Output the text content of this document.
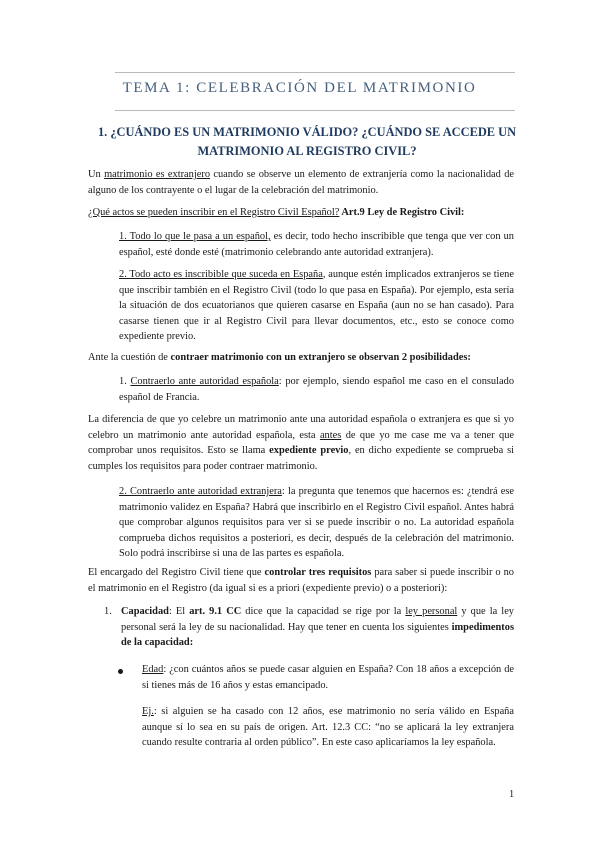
TEMA 1: CELEBRACIÓN DEL MATRIMONIO
1. ¿CUÁNDO ES UN MATRIMONIO VÁLIDO? ¿CUÁNDO SE ACCEDE UN MATRIMONIO AL REGISTRO CIVIL?
Un matrimonio es extranjero cuando se observe un elemento de extranjería como la nacionalidad de alguno de los contrayente o el lugar de la celebración del matrimonio.
¿Qué actos se pueden inscribir en el Registro Civil Español? Art.9 Ley de Registro Civil:
1. Todo lo que le pasa a un español, es decir, todo hecho inscribible que tenga que ver con un español, esté donde esté (matrimonio celebrando ante autoridad extranjera).
2. Todo acto es inscribible que suceda en España, aunque estén implicados extranjeros se tiene que inscribir también en el Registro Civil (todo lo que pasa en España). Por ejemplo, esta sería la situación de dos ecuatorianos que quieren casarse en España (aun no se han casado). Para casarse tienen que ir al Registro Civil para llevar documentos, etc., esto se conoce como expediente previo.
Ante la cuestión de contraer matrimonio con un extranjero se observan 2 posibilidades:
1. Contraerlo ante autoridad española: por ejemplo, siendo español me caso en el consulado español de Francia.
La diferencia de que yo celebre un matrimonio ante una autoridad española o extranjera es que si yo celebro un matrimonio ante autoridad española, esta antes de que yo me case me va a tener que comprobar unos requisitos. Esto se llama expediente previo, en dicho expediente se comprueba si cumples los requisitos para poder contraer matrimonio.
2. Contraerlo ante autoridad extranjera: la pregunta que tenemos que hacernos es: ¿tendrá ese matrimonio validez en España? Habrá que inscribirlo en el Registro Civil español. Antes habrá que comprobar algunos requisitos para ver si se puede inscribir o no. La autoridad española comprueba dichos requisitos a posteriori, es decir, después de la celebración del matrimonio. Solo podrá inscribirse si una de las partes es española.
El encargado del Registro Civil tiene que controlar tres requisitos para saber si puede inscribir o no el matrimonio en el Registro (da igual si es a priori (expediente previo) o a posteriori):
1. Capacidad: El art. 9.1 CC dice que la capacidad se rige por la ley personal y que la ley personal será la ley de su nacionalidad. Hay que tener en cuenta los siguientes impedimentos de la capacidad:
Edad: ¿con cuántos años se puede casar alguien en España? Con 18 años a excepción de si tienes más de 16 años y estas emancipado.
Ej.: si alguien se ha casado con 12 años, ese matrimonio no sería válido en España aunque sí lo sea en su país de origen. Art. 12.3 CC: “no se aplicará la ley extranjera cuando resulte contraria al orden público”. En este caso aplicaríamos la ley española.
1
